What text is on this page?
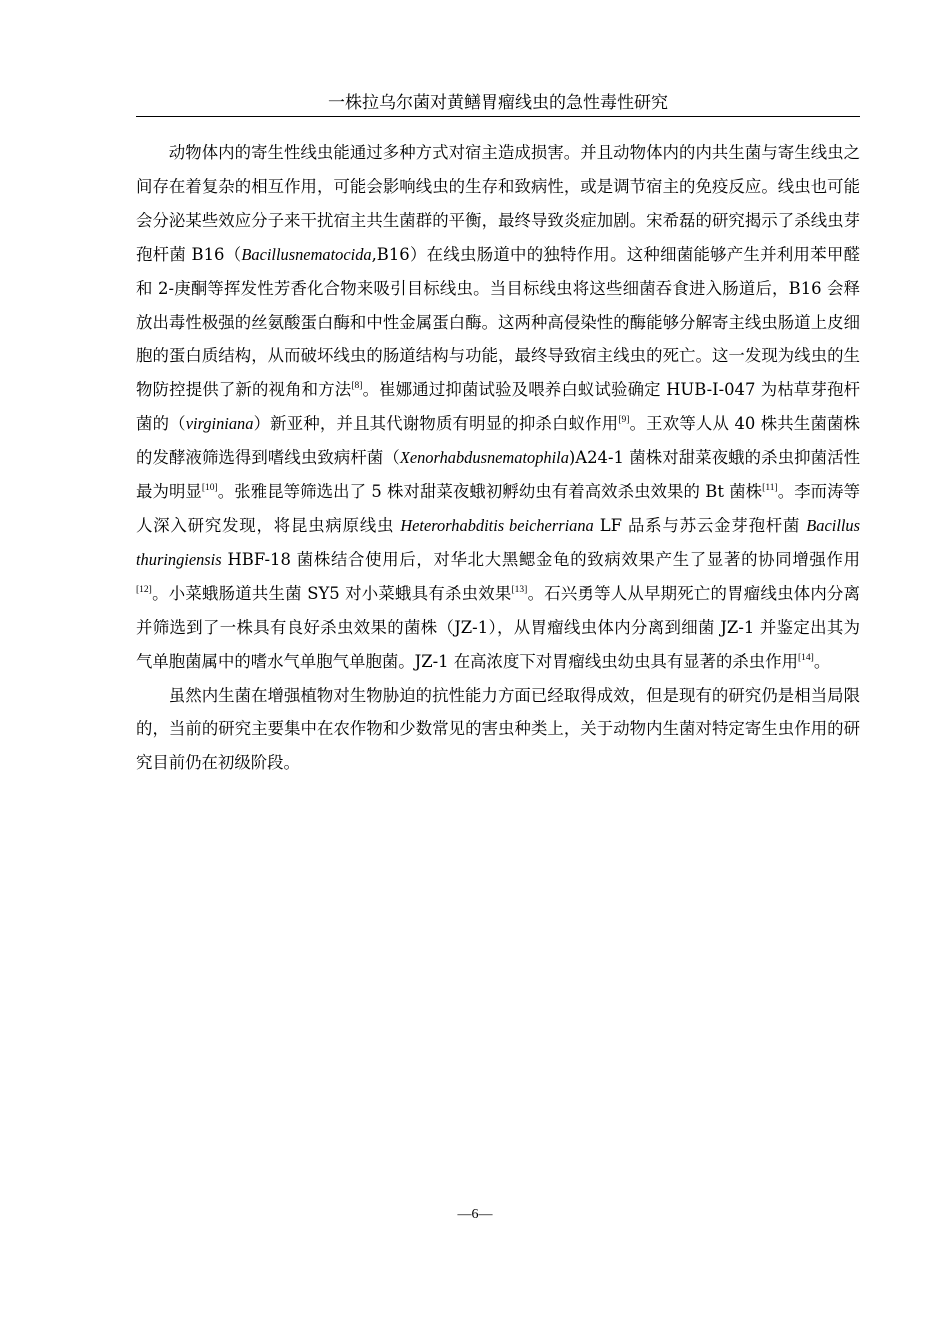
一株拉乌尔菌对黄鳝胃瘤线虫的急性毒性研究

动物体内的寄生性线虫能通过多种方式对宿主造成损害。并且动物体内的内共生菌与寄生线虫之间存在着复杂的相互作用，可能会影响线虫的生存和致病性，或是调节宿主的免疫反应。线虫也可能会分泌某些效应分子来干扰宿主共生菌群的平衡，最终导致炎症加剧。宋希磊的研究揭示了杀线虫芽孢杆菌 B16（Bacillusnematocida,B16）在线虫肠道中的独特作用。这种细菌能够产生并利用苯甲醛和 2-庚酮等挥发性芳香化合物来吸引目标线虫。当目标线虫将这些细菌吞食进入肠道后，B16 会释放出毒性极强的丝氨酸蛋白酶和中性金属蛋白酶。这两种高侵染性的酶能够分解寄主线虫肠道上皮细胞的蛋白质结构，从而破坏线虫的肠道结构与功能，最终导致宿主线虫的死亡。这一发现为线虫的生物防控提供了新的视角和方法[8]。崔娜通过抑菌试验及喂养白蚁试验确定 HUB-I-047 为枯草芽孢杆菌的（virginiana）新亚种，并且其代谢物质有明显的抑杀白蚁作用[9]。王欢等人从 40 株共生菌菌株的发酵液筛选得到嗜线虫致病杆菌（Xenorhabdusnematophila)A24-1 菌株对甜菜夜蛾的杀虫抑菌活性最为明显[10]。张雅昆等筛选出了 5 株对甜菜夜蛾初孵幼虫有着高效杀虫效果的 Bt 菌株[11]。李而涛等人深入研究发现，将昆虫病原线虫 Heterorhabditis beicherriana LF 品系与苏云金芽孢杆菌 Bacillus thuringiensis HBF-18 菌株结合使用后，对华北大黑鳃金龟的致病效果产生了显著的协同增强作用[12]。小菜蛾肠道共生菌 SY5 对小菜蛾具有杀虫效果[13]。石兴勇等人从早期死亡的胃瘤线虫体内分离并筛选到了一株具有良好杀虫效果的菌株（JZ-1），从胃瘤线虫体内分离到细菌 JZ-1 并鉴定出其为气单胞菌属中的嗜水气单胞气单胞菌。JZ-1 在高浓度下对胃瘤线虫幼虫具有显著的杀虫作用[14]。

虽然内生菌在增强植物对生物胁迫的抗性能力方面已经取得成效，但是现有的研究仍是相当局限的，当前的研究主要集中在农作物和少数常见的害虫种类上，关于动物内生菌对特定寄生虫作用的研究目前仍在初级阶段。

—6—
